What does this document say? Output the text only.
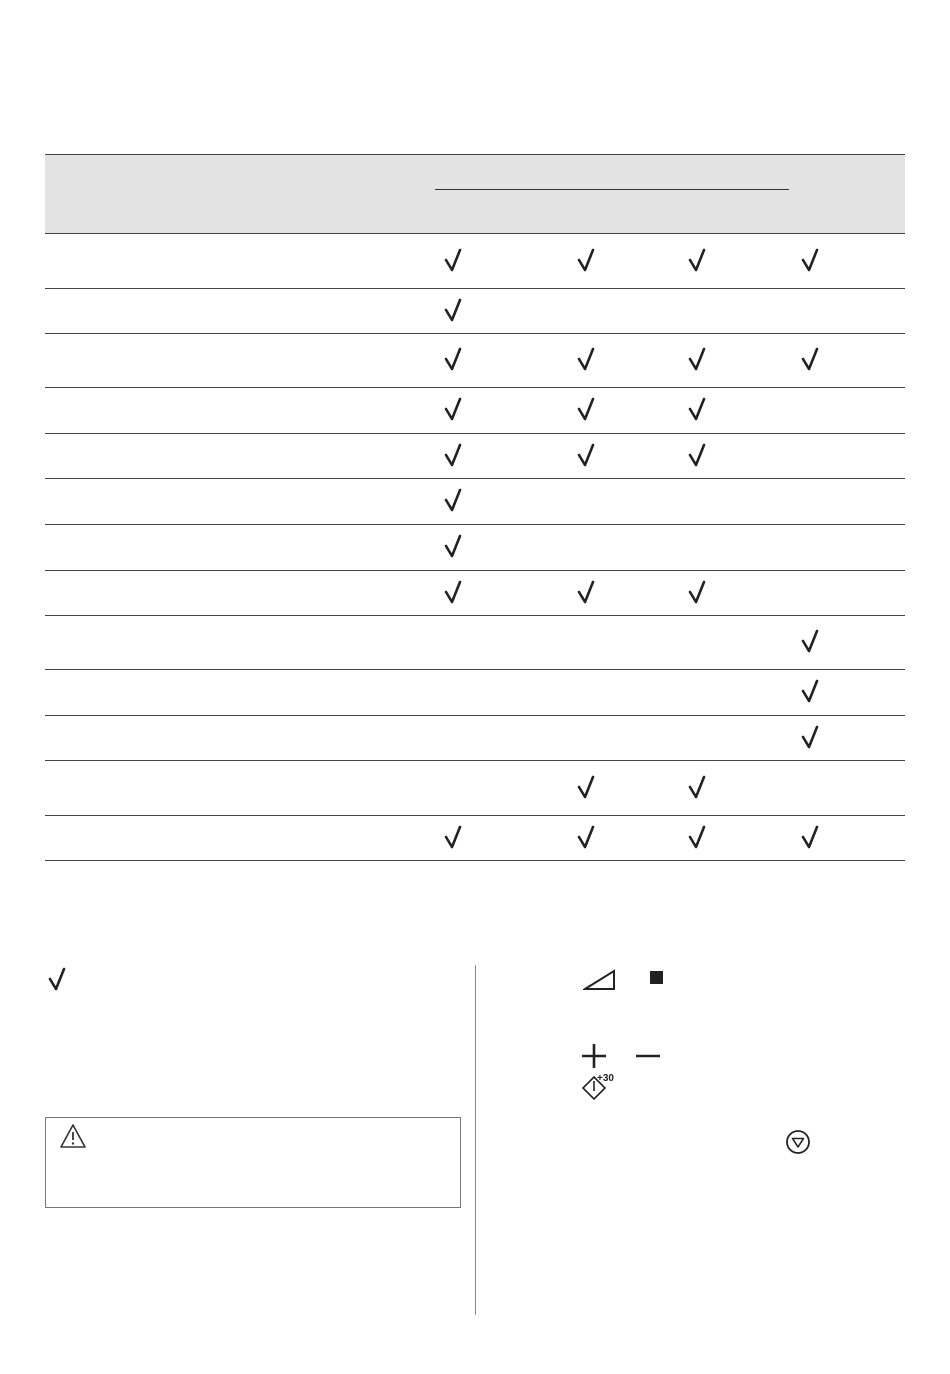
+30
